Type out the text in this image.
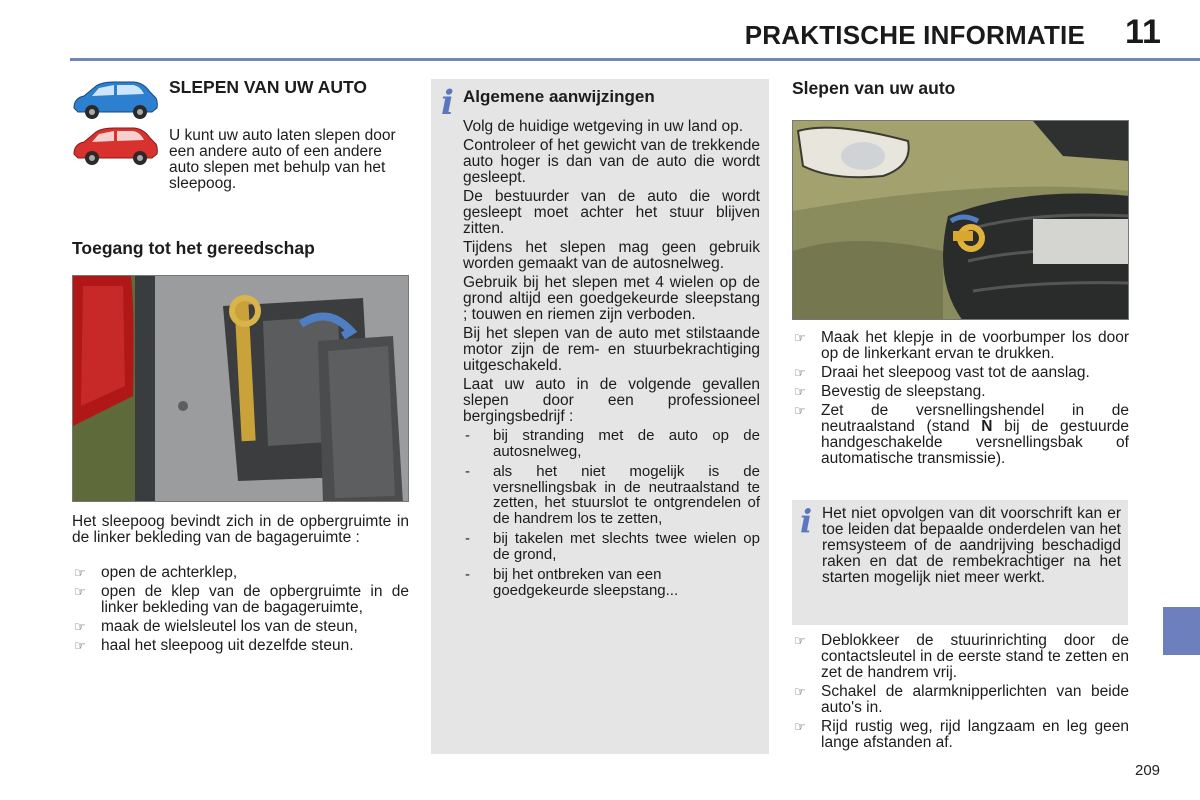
PRAKTISCHE INFORMATIE 11
SLEPEN VAN UW AUTO

U kunt uw auto laten slepen door een andere auto of een andere auto slepen met behulp van het sleepoog.

Toegang tot het gereedschap

Het sleepoog bevindt zich in de opbergruimte in de linker bekleding van de bagageruimte :

☞ open de achterklep,
☞ open de klep van de opbergruimte in de linker bekleding van de bagageruimte,
☞ maak de wielsleutel los van de steun,
☞ haal het sleepoog uit dezelfde steun.
i Algemene aanwijzingen

Volg de huidige wetgeving in uw land op.

Controleer of het gewicht van de trekkende auto hoger is dan van de auto die wordt gesleept.

De bestuurder van de auto die wordt gesleept moet achter het stuur blijven zitten.

Tijdens het slepen mag geen gebruik worden gemaakt van de autosnelweg.

Gebruik bij het slepen met 4 wielen op de grond altijd een goedgekeurde sleepstang ; touwen en riemen zijn verboden.

Bij het slepen van de auto met stilstaande motor zijn de rem- en stuurbekrachtiging uitgeschakeld.

Laat uw auto in de volgende gevallen slepen door een professioneel bergingsbedrijf :

- bij stranding met de auto op de autosnelweg,
- als het niet mogelijk is de versnellingsbak in de neutraalstand te zetten, het stuurslot te ontgrendelen of de handrem los te zetten,
- bij takelen met slechts twee wielen op de grond,
- bij het ontbreken van een goedgekeurde sleepstang...
Slepen van uw auto
☞ Maak het klepje in de voorbumper los door op de linkerkant ervan te drukken.
☞ Draai het sleepoog vast tot de aanslag.
☞ Bevestig de sleepstang.
☞ Zet de versnellingshendel in de neutraalstand (stand N bij de gestuurde handgeschakelde versnellingsbak of automatische transmissie).
i Het niet opvolgen van dit voorschrift kan er toe leiden dat bepaalde onderdelen van het remsysteem of de aandrijving beschadigd raken en dat de rembekrachtiger na het starten mogelijk niet meer werkt.

☞ Deblokkeer de stuurinrichting door de contactsleutel in de eerste stand te zetten en zet de handrem vrij.
☞ Schakel de alarmknipperlichten van beide auto's in.
☞ Rijd rustig weg, rijd langzaam en leg geen lange afstanden af.
209
